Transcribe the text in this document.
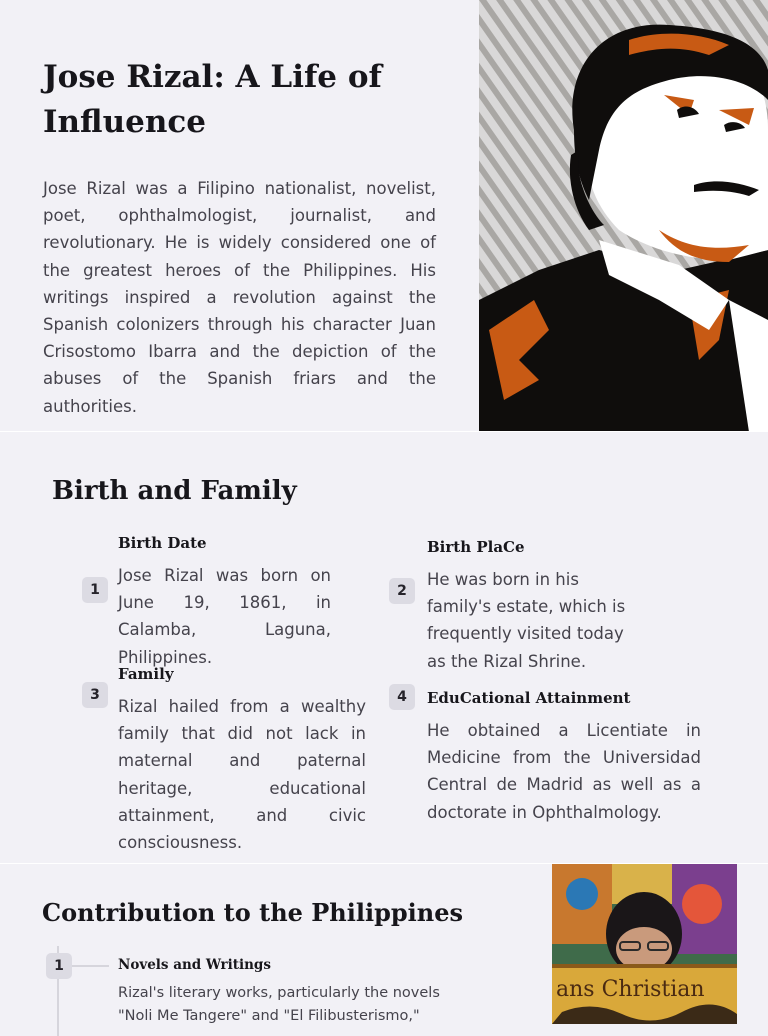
Jose Rizal: A Life of Influence

Jose Rizal was a Filipino nationalist, novelist, poet, ophthalmologist, journalist, and revolutionary. He is widely considered one of the greatest heroes of the Philippines. His writings inspired a revolution against the Spanish colonizers through his character Juan Crisostomo Ibarra and the depiction of the abuses of the Spanish friars and the authorities.

Birth and Family
1
Birth Date

Jose Rizal was born on June 19, 1861, in Calamba, Laguna, Philippines.

2
Birth PlaCe

He was born in his family's estate, which is frequently visited today as the Rizal Shrine.

3
Family

Rizal hailed from a wealthy family that did not lack in maternal and paternal heritage, educational attainment, and civic consciousness.

4	EduCational Attainment

He obtained a Licentiate in Medicine from the Universidad Central de Madrid as well as a doctorate in Ophthalmology.

Contribution to the Philippines
1	Novels and Writings

Rizal's literary works, particularly the novels "Noli Me Tangere" and "El Filibusterismo,"

ans Christian
